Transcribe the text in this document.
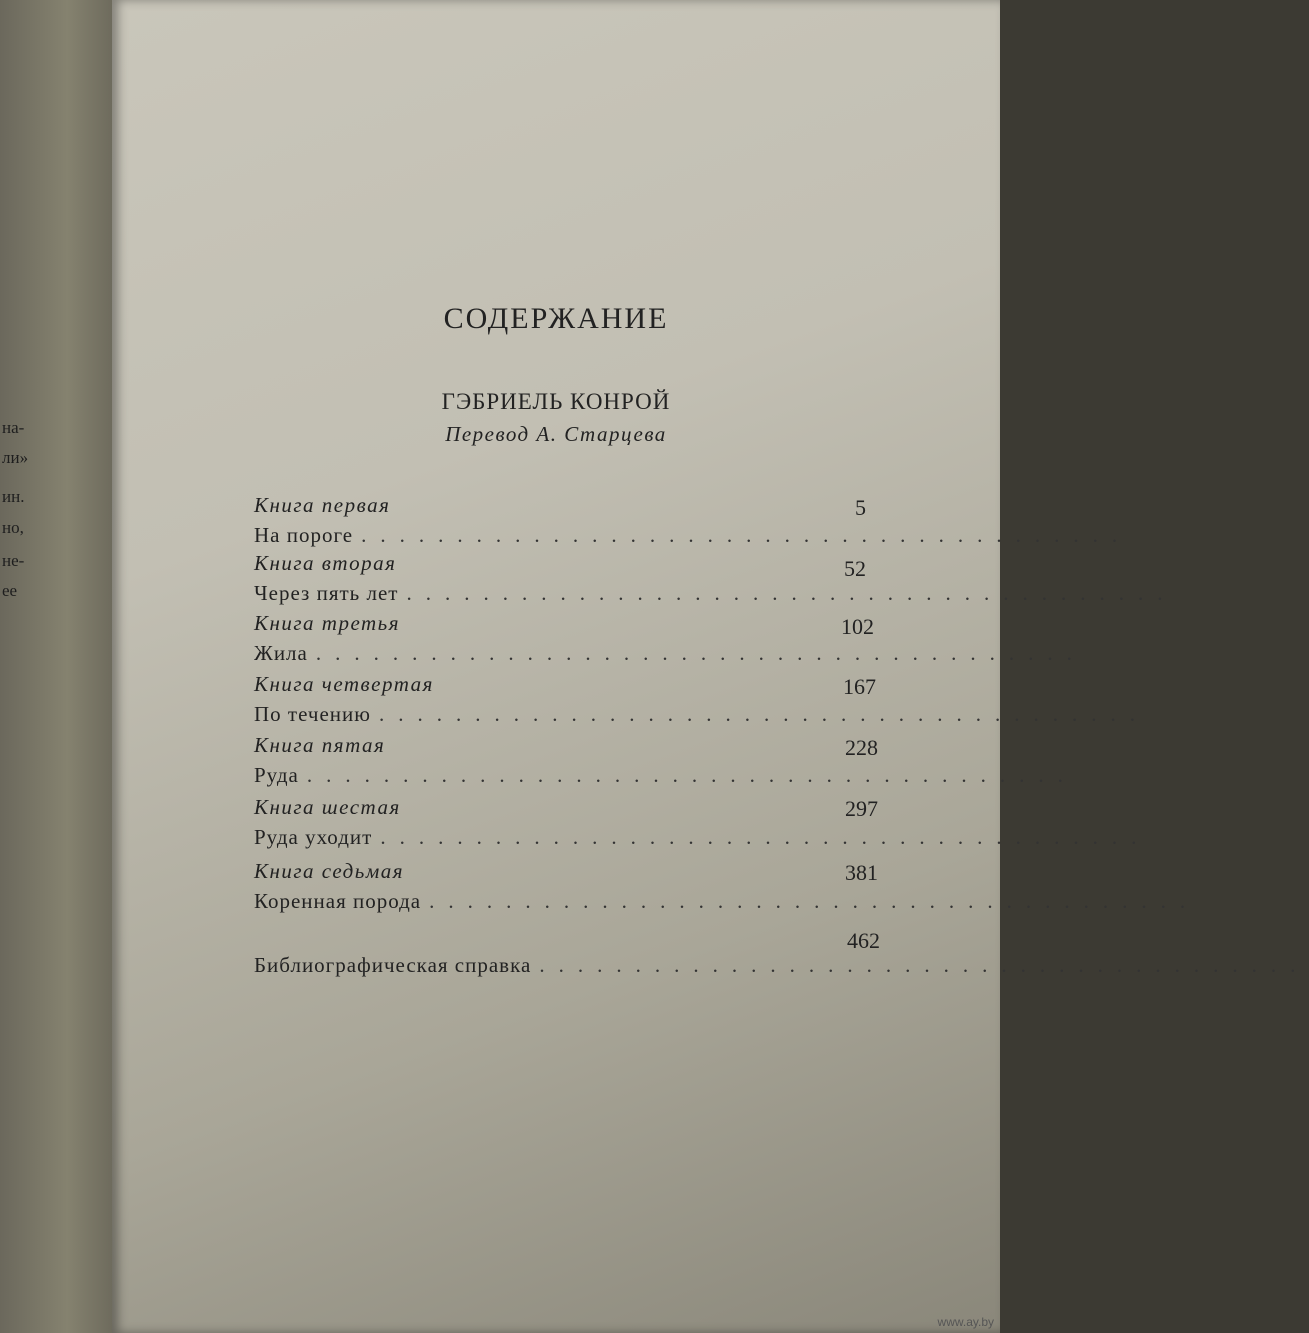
на-
ли»
ин.
но,
не-
ее
СОДЕРЖАНИЕ
ГЭБРИЕЛЬ КОНРОЙ
Перевод А. Старцева
Книга первая
На пороге ........................................
5
Книга вторая
Через пять лет ........................................
52
Книга третья
Жила ........................................
102
Книга четвертая
По течению ........................................
167
Книга пятая
Руда ........................................
228
Книга шестая
Руда уходит ........................................
297
Книга седьмая
Коренная порода ........................................
381
Библиографическая справка ........................................
462
www.ay.by
